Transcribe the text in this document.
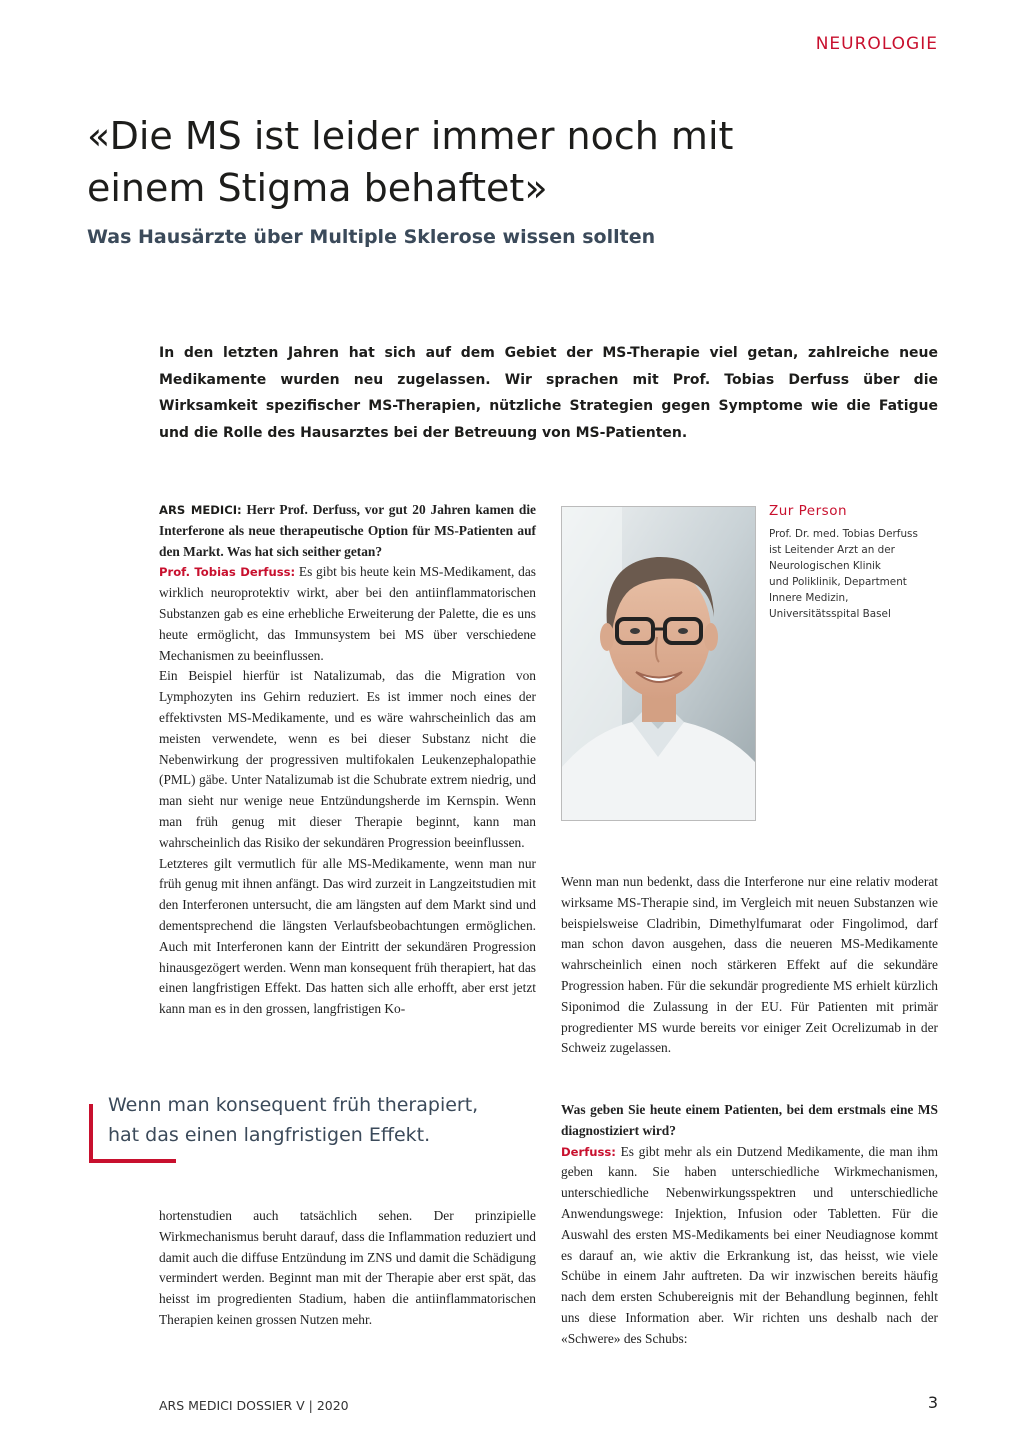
NEUROLOGIE
«Die MS ist leider immer noch mit
einem Stigma behaftet»
Was Hausärzte über Multiple Sklerose wissen sollten

In den letzten Jahren hat sich auf dem Gebiet der MS-Therapie viel getan, zahlreiche neue Medikamente wurden neu zugelassen. Wir sprachen mit Prof. Tobias Derfuss über die Wirksamkeit spezifischer MS-Therapien, nützliche Strategien gegen Symptome wie die Fatigue und die Rolle des Hausarztes bei der Betreuung von MS-Patienten.

ARS MEDICI: Herr Prof. Derfuss, vor gut 20 Jahren kamen die Interferone als neue therapeutische Option für MS-Patienten auf den Markt. Was hat sich seither getan?

Prof. Tobias Derfuss: Es gibt bis heute kein MS-Medikament, das wirklich neuroprotektiv wirkt, aber bei den antiinflammatorischen Substanzen gab es eine erhebliche Erweiterung der Palette, die es uns heute ermöglicht, das Immunsystem bei MS über verschiedene Mechanismen zu beeinflussen.

Ein Beispiel hierfür ist Natalizumab, das die Migration von Lymphozyten ins Gehirn reduziert. Es ist immer noch eines der effektivsten MS-Medikamente, und es wäre wahrscheinlich das am meisten verwendete, wenn es bei dieser Substanz nicht die Nebenwirkung der progressiven multifokalen Leukenzephalopathie (PML) gäbe. Unter Natalizumab ist die Schubrate extrem niedrig, und man sieht nur wenige neue Entzündungsherde im Kernspin. Wenn man früh genug mit dieser Therapie beginnt, kann man wahrscheinlich das Risiko der sekundären Progression beeinflussen.

Letzteres gilt vermutlich für alle MS-Medikamente, wenn man nur früh genug mit ihnen anfängt. Das wird zurzeit in Langzeitstudien mit den Interferonen untersucht, die am längsten auf dem Markt sind und dementsprechend die längsten Verlaufsbeobachtungen ermöglichen. Auch mit Interferonen kann der Eintritt der sekundären Progression hinausgezögert werden. Wenn man konsequent früh therapiert, hat das einen langfristigen Effekt. Das hatten sich alle erhofft, aber erst jetzt kann man es in den grossen, langfristigen Ko-

Zur Person
Prof. Dr. med. Tobias Derfuss
ist Leitender Arzt an der
Neurologischen Klinik
und Poliklinik, Department
Innere Medizin,
Universitätsspital Basel
Wenn man konsequent früh therapiert,
hat das einen langfristigen Effekt.

hortenstudien auch tatsächlich sehen. Der prinzipielle Wirkmechanismus beruht darauf, dass die Inflammation reduziert und damit auch die diffuse Entzündung im ZNS und damit die Schädigung vermindert werden. Beginnt man mit der Therapie aber erst spät, das heisst im progredienten Stadium, haben die antiinflammatorischen Therapien keinen grossen Nutzen mehr.

Wenn man nun bedenkt, dass die Interferone nur eine relativ moderat wirksame MS-Therapie sind, im Vergleich mit neuen Substanzen wie beispielsweise Cladribin, Dimethylfumarat oder Fingolimod, darf man schon davon ausgehen, dass die neueren MS-Medikamente wahrscheinlich einen noch stärkeren Effekt auf die sekundäre Progression haben. Für die sekundär progrediente MS erhielt kürzlich Siponimod die Zulassung in der EU. Für Patienten mit primär progredienter MS wurde bereits vor einiger Zeit Ocrelizumab in der Schweiz zugelassen.

Was geben Sie heute einem Patienten, bei dem erstmals eine MS diagnostiziert wird?

Derfuss: Es gibt mehr als ein Dutzend Medikamente, die man ihm geben kann. Sie haben unterschiedliche Wirkmechanismen, unterschiedliche Nebenwirkungsspektren und unterschiedliche Anwendungswege: Injektion, Infusion oder Tabletten. Für die Auswahl des ersten MS-Medikaments bei einer Neudiagnose kommt es darauf an, wie aktiv die Erkrankung ist, das heisst, wie viele Schübe in einem Jahr auftreten. Da wir inzwischen bereits häufig nach dem ersten Schubereignis mit der Behandlung beginnen, fehlt uns diese Information aber. Wir richten uns deshalb nach der «Schwere» des Schubs:

ARS MEDICI DOSSIER V | 2020	3
